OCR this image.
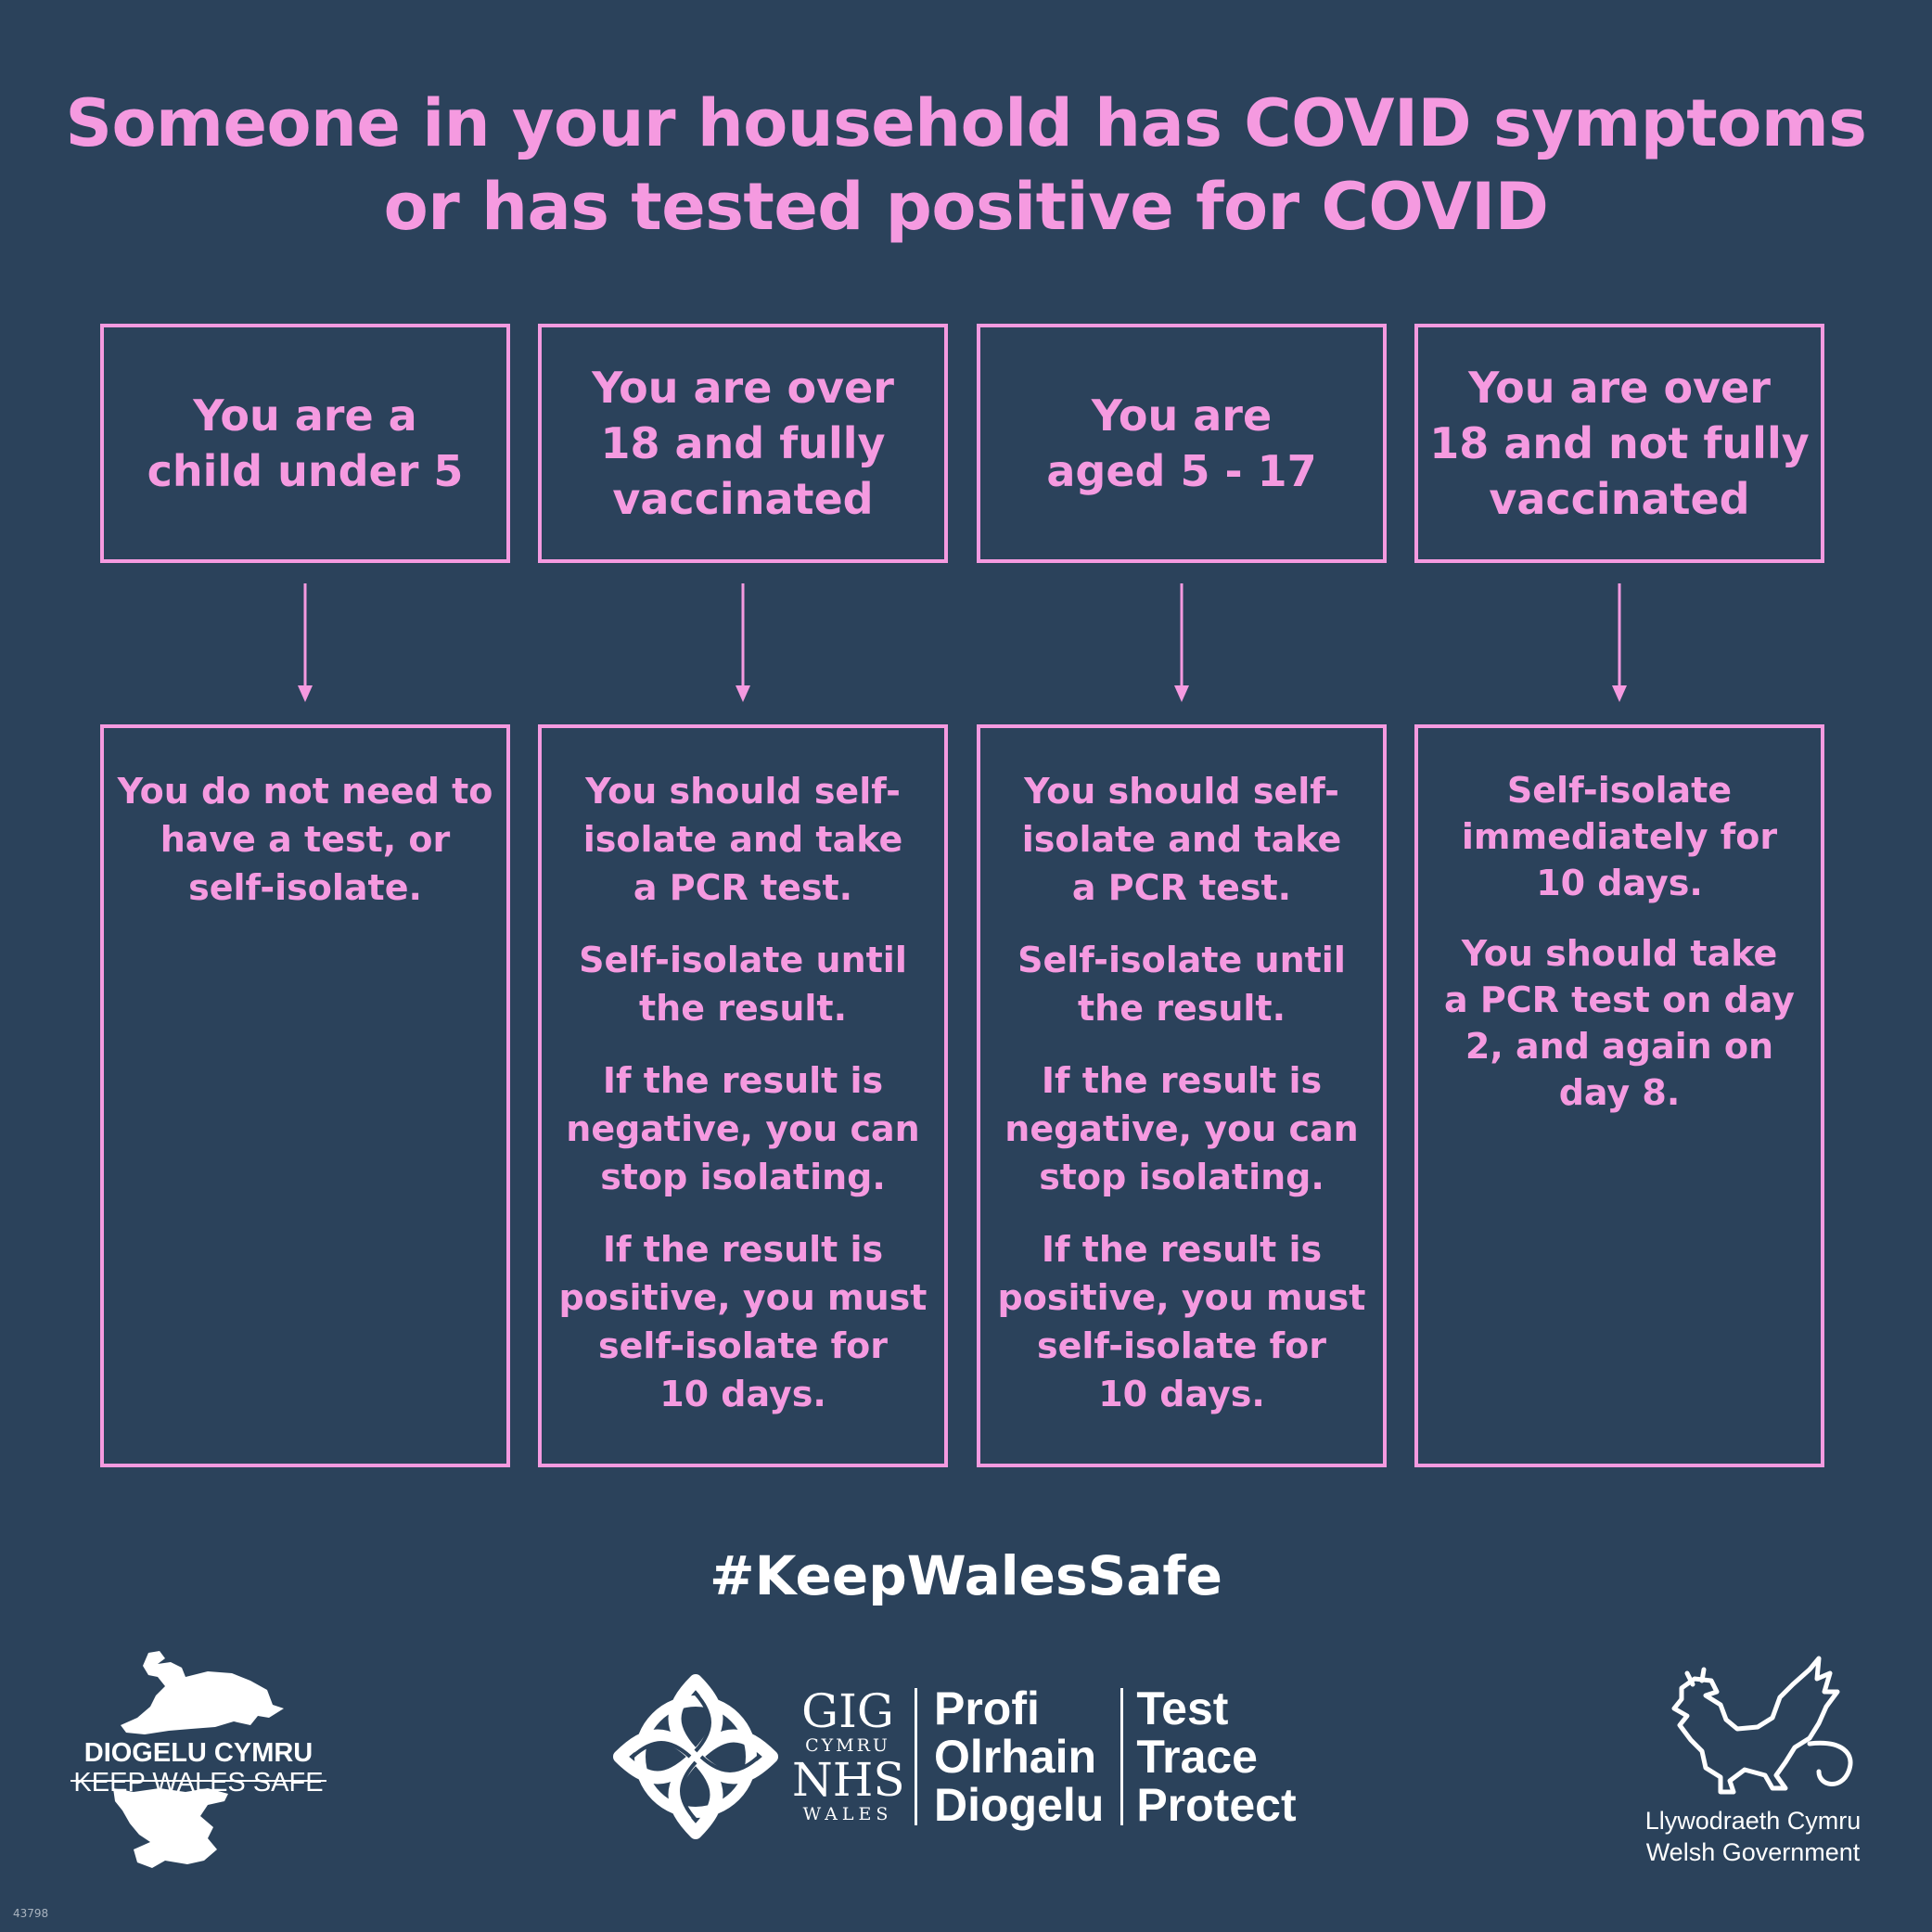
Someone in your household has COVID symptoms
or has tested positive for COVID
You are a
child under 5

You do not need to
have a test, or
self-isolate.

You are over
18 and fully
vaccinated

You should self-
isolate and take
a PCR test.

Self-isolate until
the result.

If the result is
negative, you can
stop isolating.

If the result is
positive, you must
self-isolate for
10 days.

You are
aged 5 - 17

You should self-
isolate and take
a PCR test.

Self-isolate until
the result.

If the result is
negative, you can
stop isolating.

If the result is
positive, you must
self-isolate for
10 days.

You are over
18 and not fully
vaccinated

Self-isolate
immediately for
10 days.

You should take
a PCR test on day
2, and again on
day 8.

#KeepWalesSafe
DIOGELU CYMRU
KEEP WALES SAFE
GIG
CYMRU
NHS
WALES
Profi
Olrhain
Diogelu
Test
Trace
Protect	Llywodraeth Cymru
Welsh Government
43798
